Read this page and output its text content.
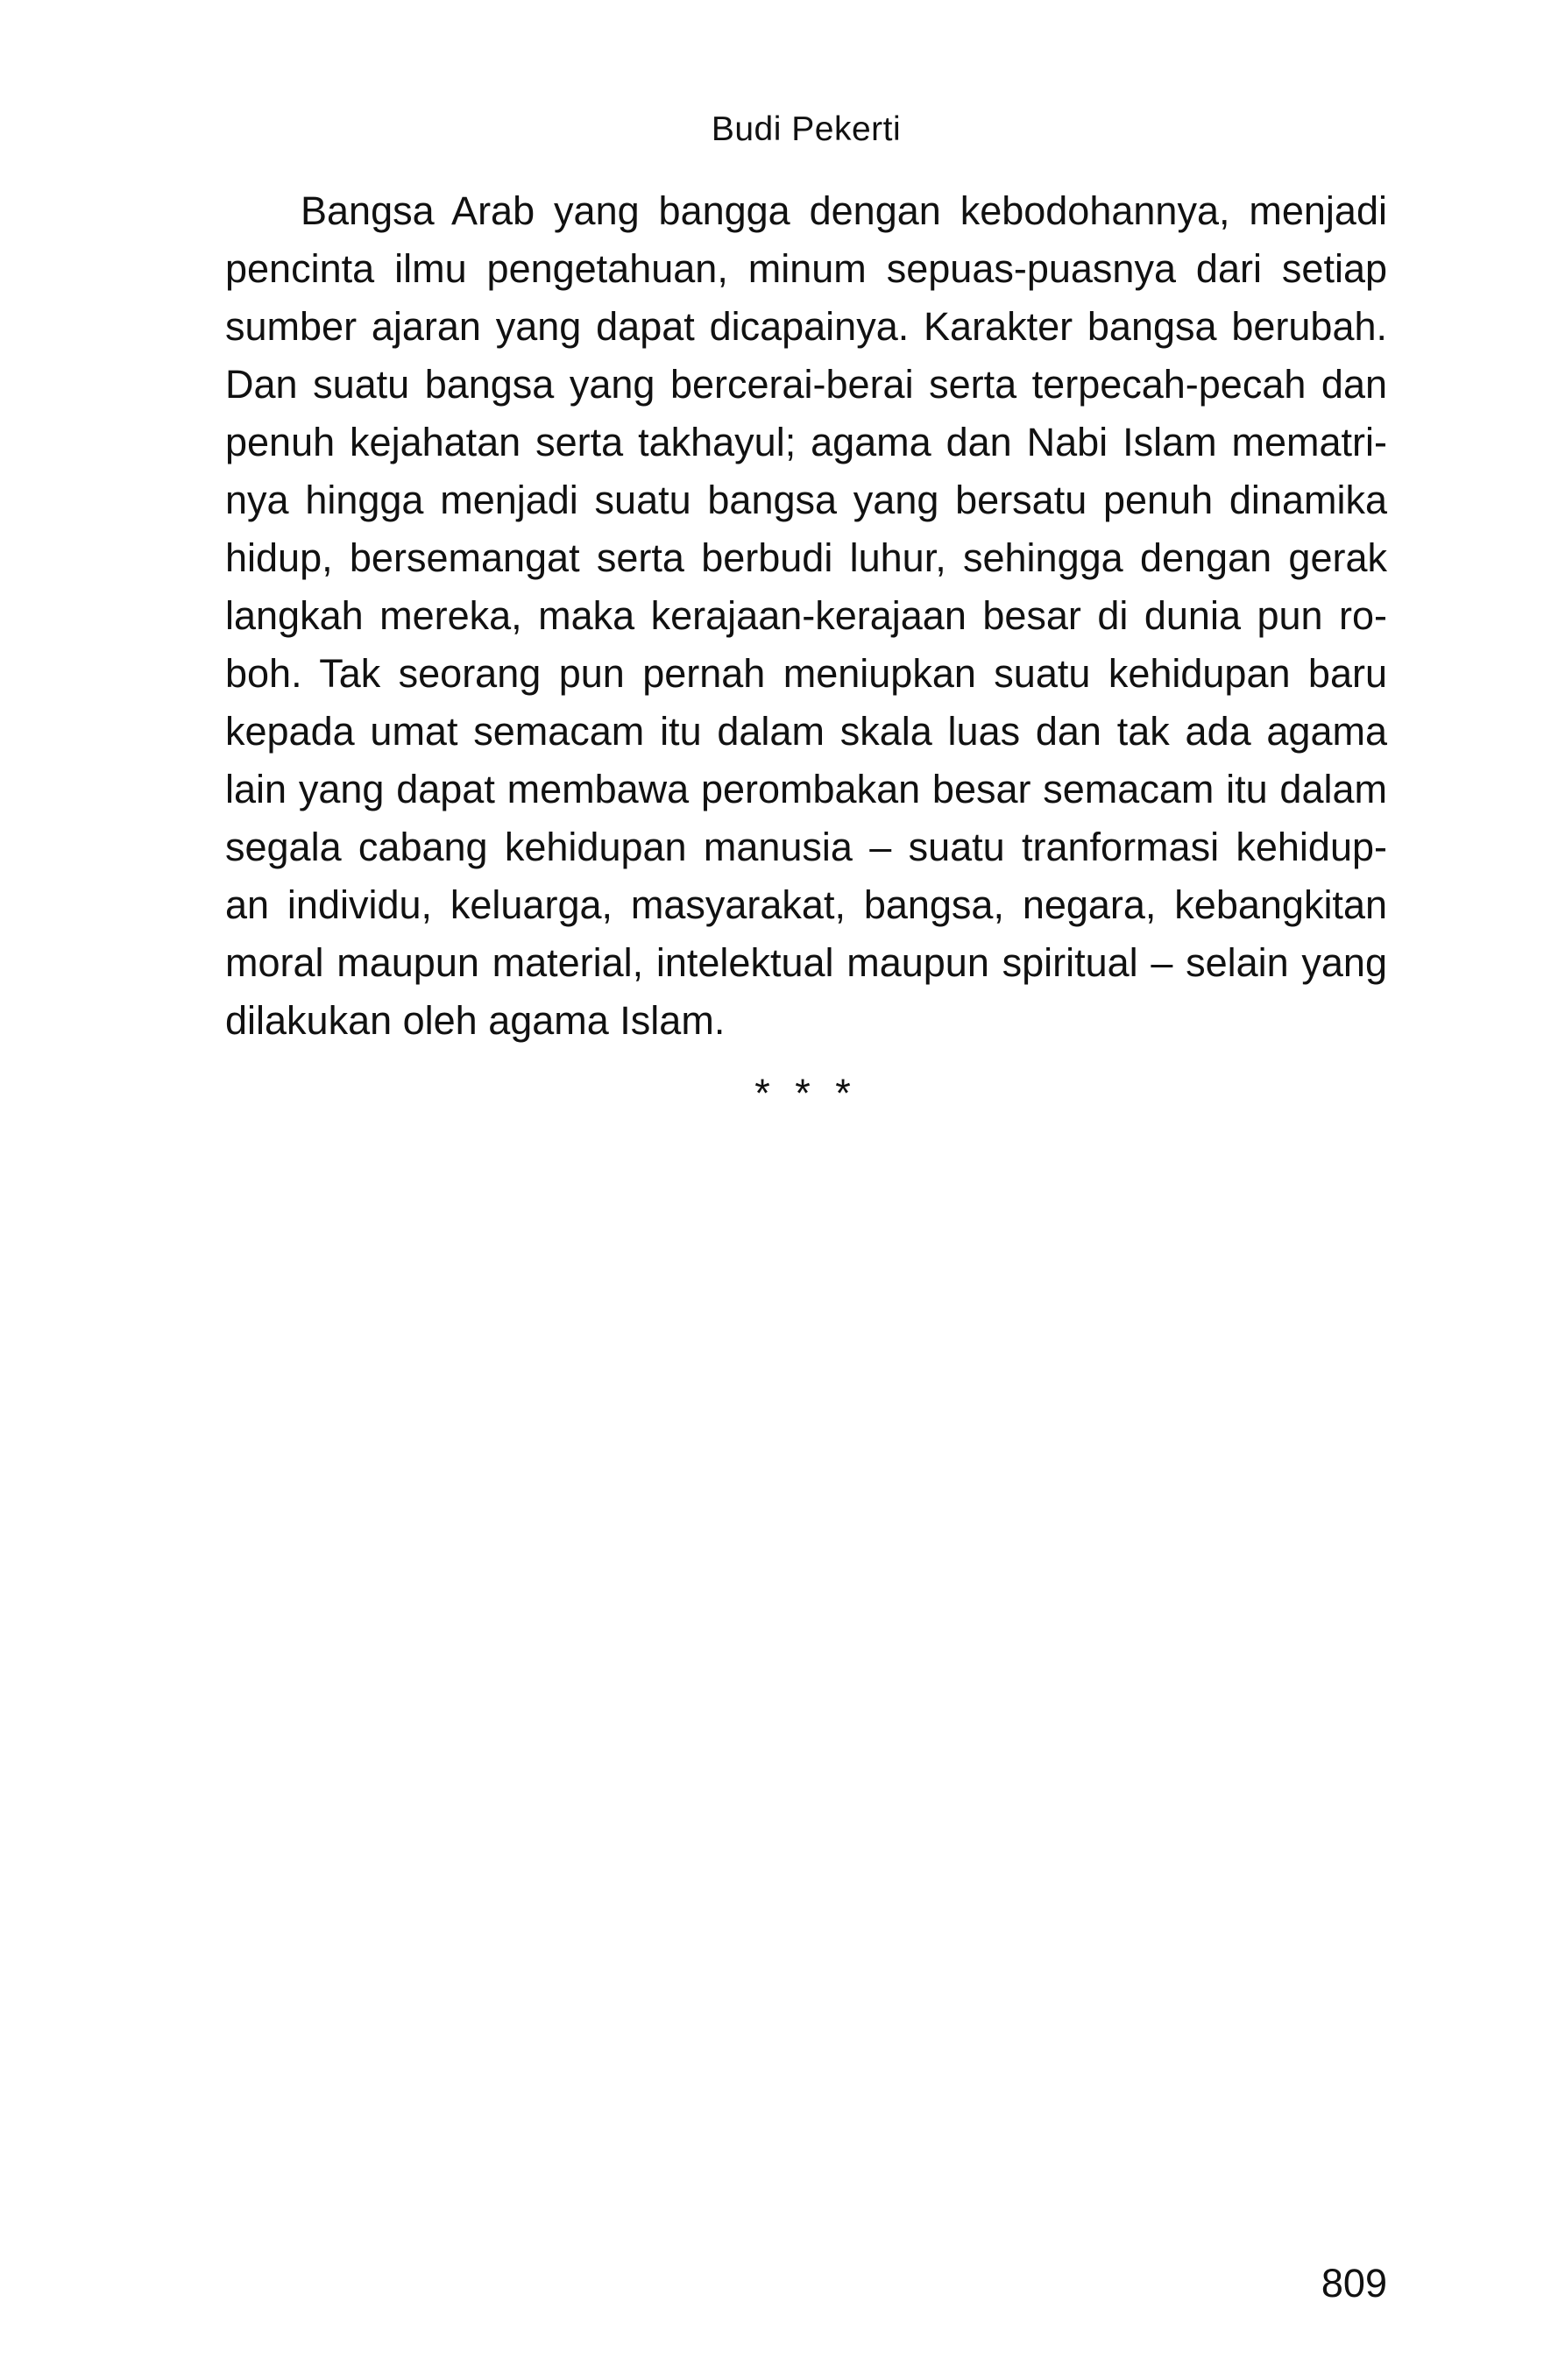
Budi Pekerti
Bangsa Arab yang bangga dengan kebodohannya, menjadi
pencinta ilmu pengetahuan, minum sepuas-puasnya dari setiap
sumber ajaran yang dapat dicapainya. Karakter bangsa berubah.
Dan suatu bangsa yang bercerai-berai serta terpecah-pecah dan
penuh kejahatan serta takhayul; agama dan Nabi Islam mematri-
nya hingga menjadi suatu bangsa yang bersatu penuh dinamika
hidup, bersemangat serta berbudi luhur, sehingga dengan gerak
langkah mereka, maka kerajaan-kerajaan besar di dunia pun ro-
boh. Tak seorang pun pernah meniupkan suatu kehidupan baru
kepada umat semacam itu dalam skala luas dan tak ada agama
lain yang dapat membawa perombakan besar semacam itu dalam
segala cabang kehidupan manusia – suatu tranformasi kehidup-
an individu, keluarga, masyarakat, bangsa, negara, kebangkitan
moral maupun material, intelektual maupun spiritual – selain yang
dilakukan oleh agama Islam.
* * *
809
